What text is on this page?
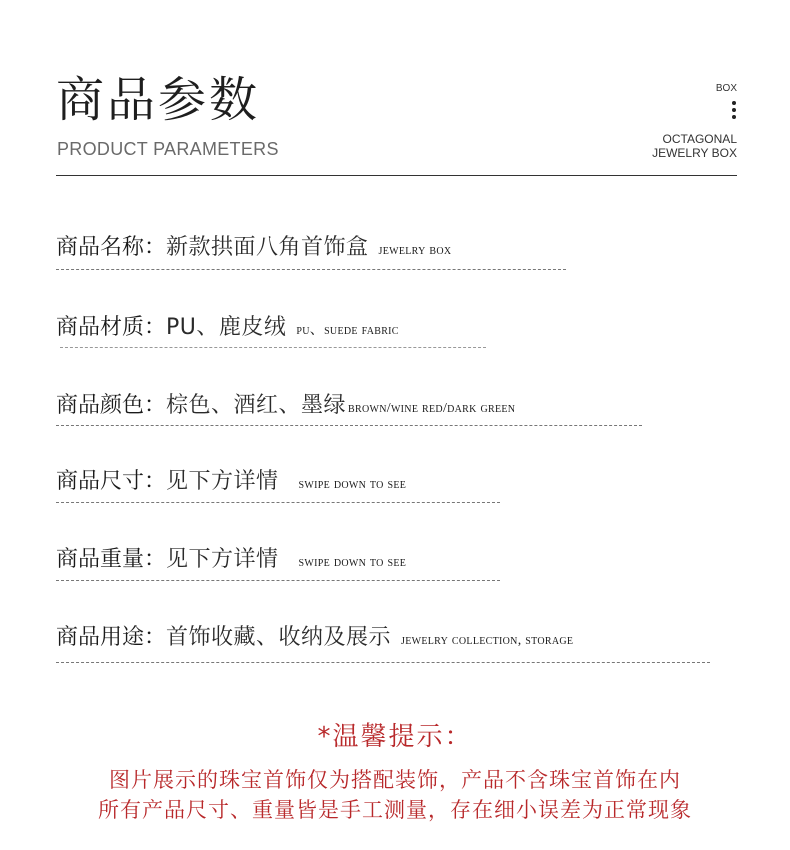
商品参数
PRODUCT PARAMETERS
BOX
OCTAGONAL
JEWELRY BOX
商品名称：新款拱面八角首饰盒 jewelry box
商品材质：PU、鹿皮绒 pu、suede fabric
商品颜色：棕色、酒红、墨绿 brown/wine red/dark green
商品尺寸：见下方详情 swipe down to see
商品重量：见下方详情 swipe down to see
商品用途：首饰收藏、收纳及展示 jewelry collection, storage
*温馨提示：
图片展示的珠宝首饰仅为搭配装饰，产品不含珠宝首饰在内
所有产品尺寸、重量皆是手工测量，存在细小误差为正常现象
